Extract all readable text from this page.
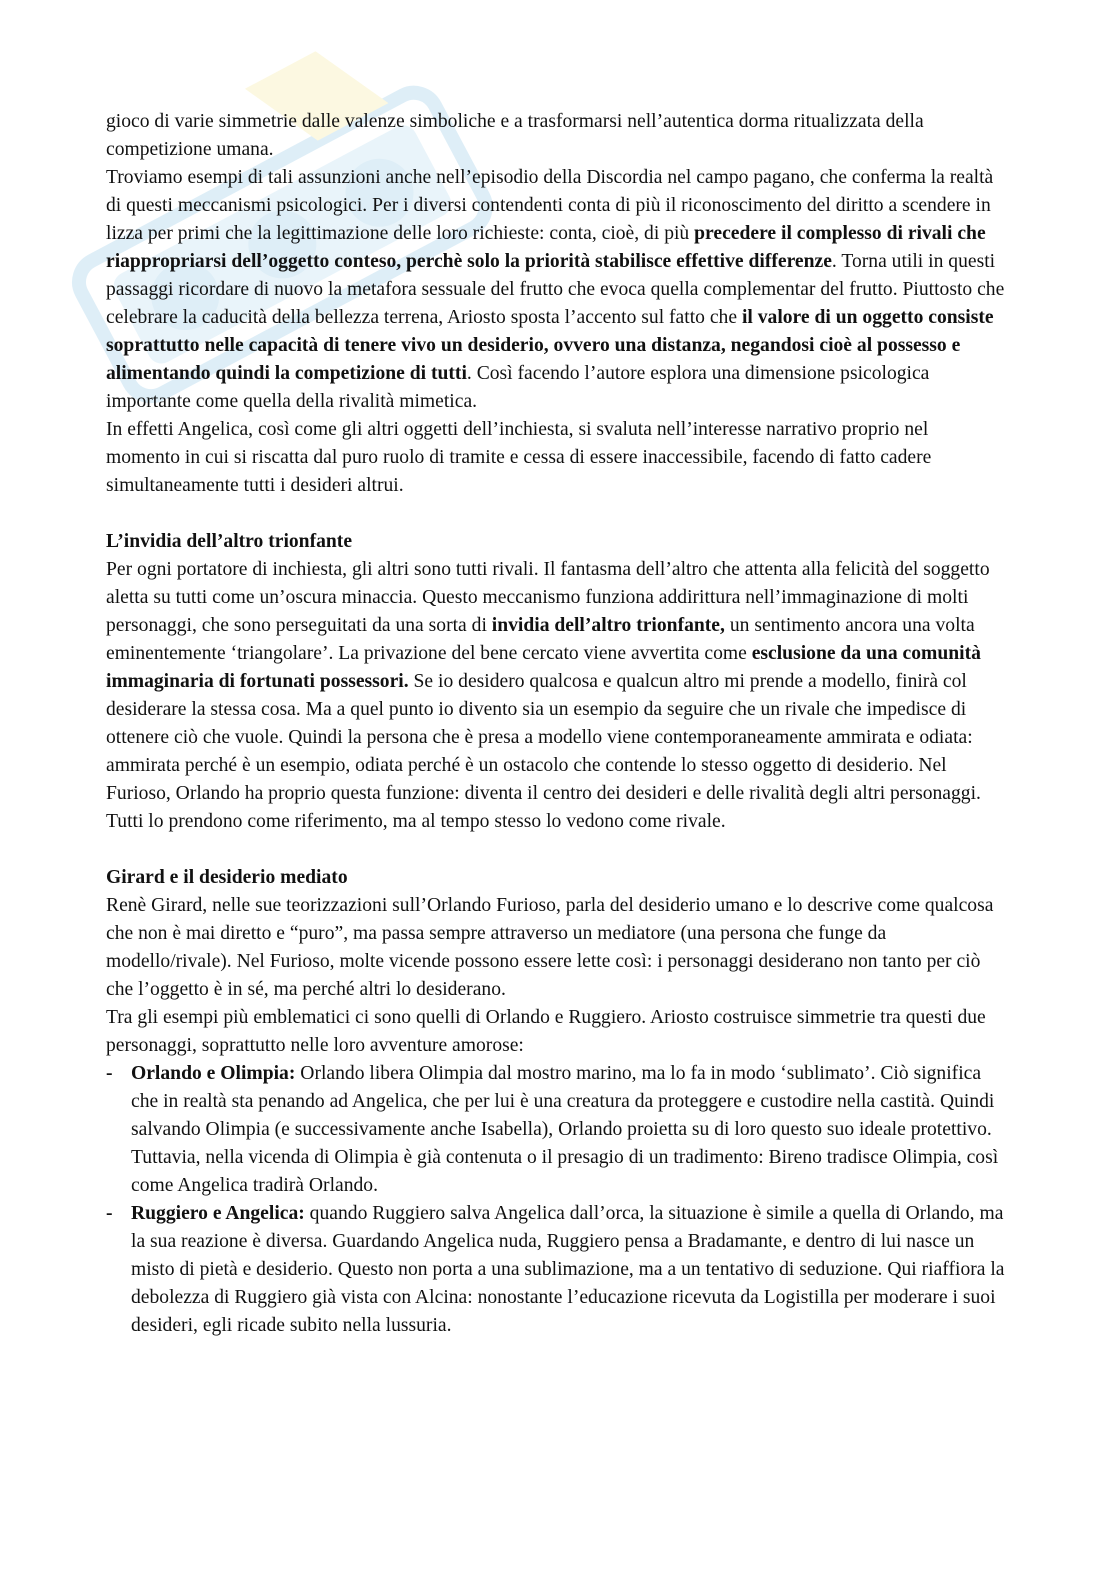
gioco di varie simmetrie dalle valenze simboliche e a trasformarsi nell’autentica dorma ritualizzata della competizione umana.

Troviamo esempi di tali assunzioni anche nell’episodio della Discordia nel campo pagano, che conferma la realtà di questi meccanismi psicologici. Per i diversi contendenti conta di più il riconoscimento del diritto a scendere in lizza per primi che la legittimazione delle loro richieste: conta, cioè, di più precedere il complesso di rivali che riappropriarsi dell’oggetto conteso, perchè solo la priorità stabilisce effettive differenze. Torna utili in questi passaggi ricordare di nuovo la metafora sessuale del frutto che evoca quella complementar del frutto. Piuttosto che celebrare la caducità della bellezza terrena, Ariosto sposta l’accento sul fatto che il valore di un oggetto consiste soprattutto nelle capacità di tenere vivo un desiderio, ovvero una distanza, negandosi cioè al possesso e alimentando quindi la competizione di tutti. Così facendo l’autore esplora una dimensione psicologica importante come quella della rivalità mimetica.

In effetti Angelica, così come gli altri oggetti dell’inchiesta, si svaluta nell’interesse narrativo proprio nel momento in cui si riscatta dal puro ruolo di tramite e cessa di essere inaccessibile, facendo di fatto cadere simultaneamente tutti i desideri altrui.

L’invidia dell’altro trionfante

Per ogni portatore di inchiesta, gli altri sono tutti rivali. Il fantasma dell’altro che attenta alla felicità del soggetto aletta su tutti come un’oscura minaccia. Questo meccanismo funziona addirittura nell’immaginazione di molti personaggi, che sono perseguitati da una sorta di invidia dell’altro trionfante, un sentimento ancora una volta eminentemente ‘triangolare’. La privazione del bene cercato viene avvertita come esclusione da una comunità immaginaria di fortunati possessori. Se io desidero qualcosa e qualcun altro mi prende a modello, finirà col desiderare la stessa cosa. Ma a quel punto io divento sia un esempio da seguire che un rivale che impedisce di ottenere ciò che vuole. Quindi la persona che è presa a modello viene contemporaneamente ammirata e odiata: ammirata perché è un esempio, odiata perché è un ostacolo che contende lo stesso oggetto di desiderio. Nel Furioso, Orlando ha proprio questa funzione: diventa il centro dei desideri e delle rivalità degli altri personaggi. Tutti lo prendono come riferimento, ma al tempo stesso lo vedono come rivale.

Girard e il desiderio mediato

Renè Girard, nelle sue teorizzazioni sull’Orlando Furioso, parla del desiderio umano e lo descrive come qualcosa che non è mai diretto e “puro”, ma passa sempre attraverso un mediatore (una persona che funge da modello/rivale). Nel Furioso, molte vicende possono essere lette così: i personaggi desiderano non tanto per ciò che l’oggetto è in sé, ma perché altri lo desiderano.

Tra gli esempi più emblematici ci sono quelli di Orlando e Ruggiero. Ariosto costruisce simmetrie tra questi due personaggi, soprattutto nelle loro avventure amorose:

- Orlando e Olimpia: Orlando libera Olimpia dal mostro marino, ma lo fa in modo ‘sublimato’. Ciò significa che in realtà sta penando ad Angelica, che per lui è una creatura da proteggere e custodire nella castità. Quindi salvando Olimpia (e successivamente anche Isabella), Orlando proietta su di loro questo suo ideale protettivo. Tuttavia, nella vicenda di Olimpia è già contenuta o il presagio di un tradimento: Bireno tradisce Olimpia, così come Angelica tradirà Orlando.
- Ruggiero e Angelica: quando Ruggiero salva Angelica dall’orca, la situazione è simile a quella di Orlando, ma la sua reazione è diversa. Guardando Angelica nuda, Ruggiero pensa a Bradamante, e dentro di lui nasce un misto di pietà e desiderio. Questo non porta a una sublimazione, ma a un tentativo di seduzione. Qui riaffiora la debolezza di Ruggiero già vista con Alcina: nonostante l’educazione ricevuta da Logistilla per moderare i suoi desideri, egli ricade subito nella lussuria.
